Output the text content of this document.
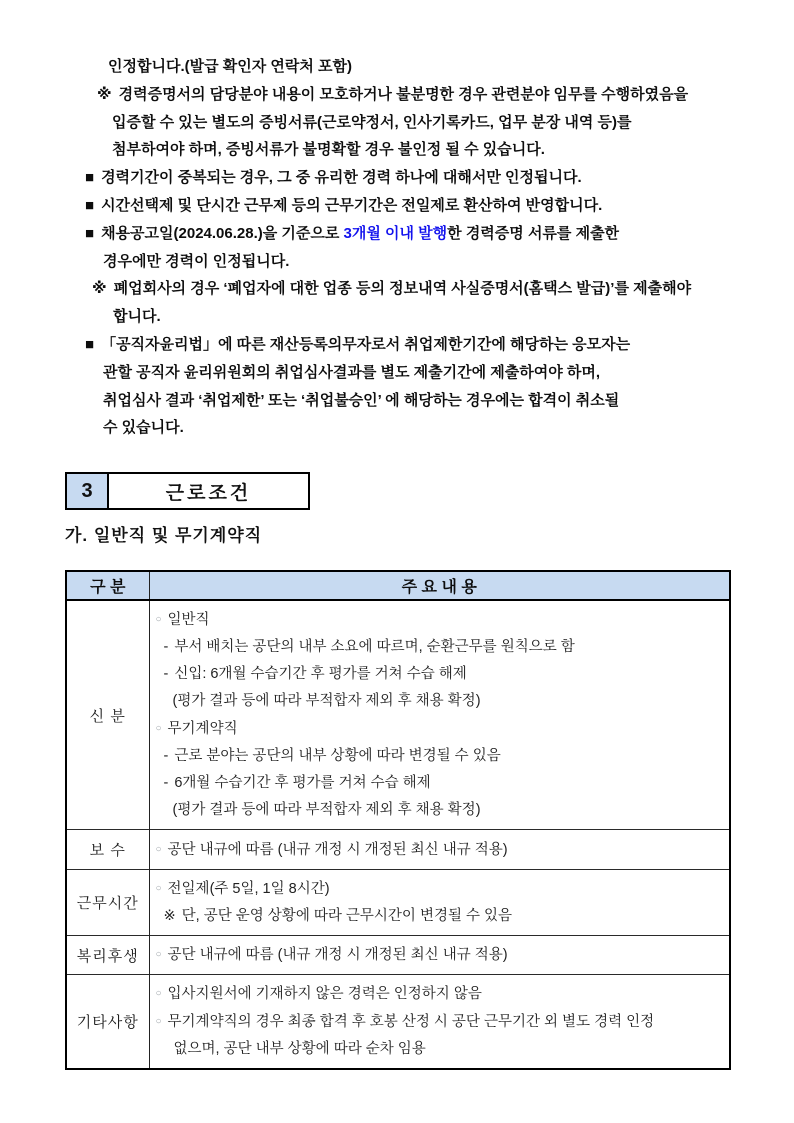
인정합니다.(발급 확인자 연락처 포함)
※ 경력증명서의 담당분야 내용이 모호하거나 불분명한 경우 관련분야 임무를 수행하였음을
입증할 수 있는 별도의 증빙서류(근로약정서, 인사기록카드, 업무 분장 내역 등)를
첨부하여야 하며, 증빙서류가 불명확할 경우 불인정 될 수 있습니다.
■ 경력기간이 중복되는 경우, 그 중 유리한 경력 하나에 대해서만 인정됩니다.
■ 시간선택제 및 단시간 근무제 등의 근무기간은 전일제로 환산하여 반영합니다.
■ 채용공고일(2024.06.28.)을 기준으로 3개월 이내 발행한 경력증명 서류를 제출한
경우에만 경력이 인정됩니다.
※ 폐업회사의 경우 ‘폐업자에 대한 업종 등의 정보내역 사실증명서(홈택스 발급)’를 제출해야
합니다.
■ 「공직자윤리법」에 따른 재산등록의무자로서 취업제한기간에 해당하는 응모자는
관할 공직자 윤리위원회의 취업심사결과를 별도 제출기간에 제출하여야 하며,
취업심사 결과 ‘취업제한’ 또는 ‘취업불승인’ 에 해당하는 경우에는 합격이 취소될
수 있습니다.
3	근로조건
가. 일반직 및 무기계약직
구 분	주 요 내 용
신 분	
○ 일반직
- 부서 배치는 공단의 내부 소요에 따르며, 순환근무를 원칙으로 함
- 신입: 6개월 수습기간 후 평가를 거쳐 수습 해제
(평가 결과 등에 따라 부적합자 제외 후 채용 확정)
○ 무기계약직
- 근로 분야는 공단의 내부 상황에 따라 변경될 수 있음
- 6개월 수습기간 후 평가를 거쳐 수습 해제
(평가 결과 등에 따라 부적합자 제외 후 채용 확정)

보 수	○ 공단 내규에 따름 (내규 개정 시 개정된 최신 내규 적용)

근무시간	○ 전일제(주 5일, 1일 8시간)
※ 단, 공단 운영 상황에 따라 근무시간이 변경될 수 있음

복리후생	○ 공단 내규에 따름 (내규 개정 시 개정된 최신 내규 적용)

기타사항	○ 입사지원서에 기재하지 않은 경력은 인정하지 않음
○ 무기계약직의 경우 최종 합격 후 호봉 산정 시 공단 근무기간 외 별도 경력 인정
없으며, 공단 내부 상황에 따라 순차 임용
